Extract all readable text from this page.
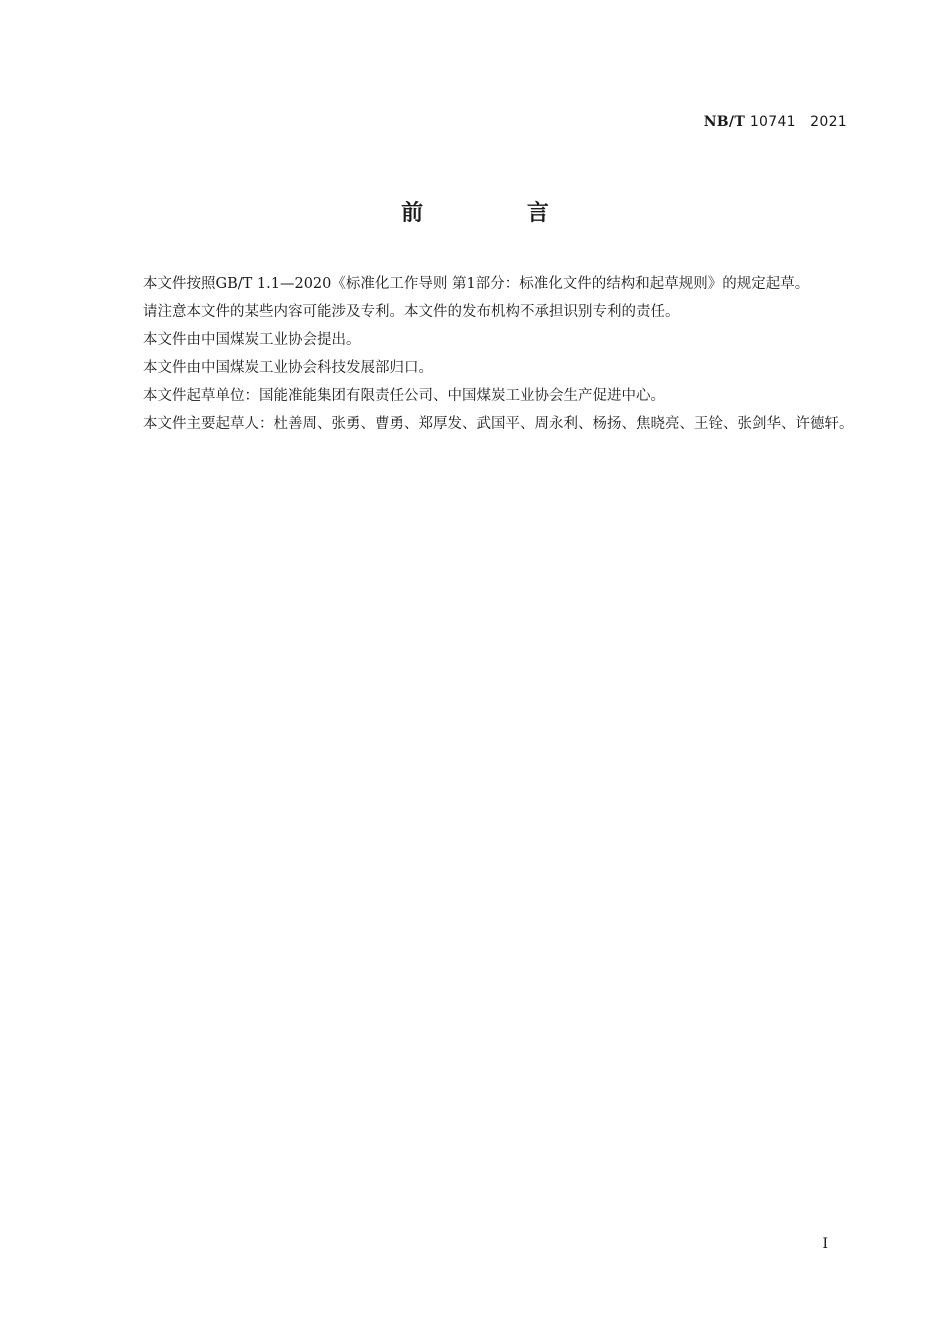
NB/T 10741 2021
前 言

本文件按照GB/T 1.1—2020《标准化工作导则 第1部分：标准化文件的结构和起草规则》的规定起草。

请注意本文件的某些内容可能涉及专利。本文件的发布机构不承担识别专利的责任。

本文件由中国煤炭工业协会提出。

本文件由中国煤炭工业协会科技发展部归口。

本文件起草单位：国能准能集团有限责任公司、中国煤炭工业协会生产促进中心。

本文件主要起草人：杜善周、张勇、曹勇、郑厚发、武国平、周永利、杨扬、焦晓亮、王铨、张剑华、许德轩。

I
